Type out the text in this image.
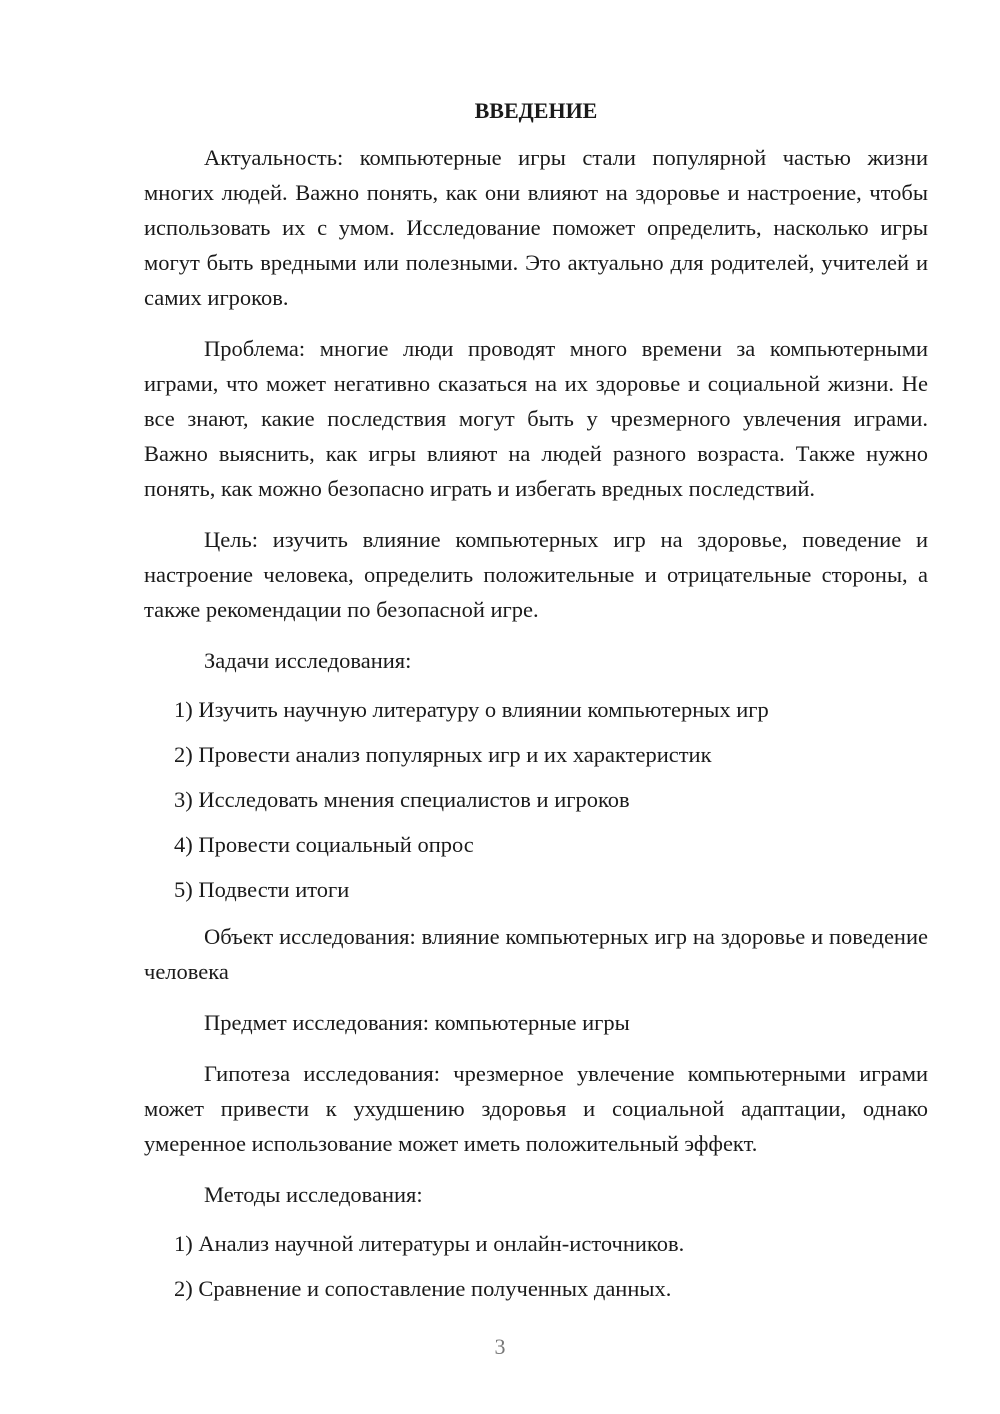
ВВЕДЕНИЕ

Актуальность: компьютерные игры стали популярной частью жизни многих людей. Важно понять, как они влияют на здоровье и настроение, чтобы использовать их с умом. Исследование поможет определить, насколько игры могут быть вредными или полезными. Это актуально для родителей, учителей и самих игроков.

Проблема: многие люди проводят много времени за компьютерными играми, что может негативно сказаться на их здоровье и социальной жизни. Не все знают, какие последствия могут быть у чрезмерного увлечения играми. Важно выяснить, как игры влияют на людей разного возраста. Также нужно понять, как можно безопасно играть и избегать вредных последствий.

Цель: изучить влияние компьютерных игр на здоровье, поведение и настроение человека, определить положительные и отрицательные стороны, а также рекомендации по безопасной игре.

Задачи исследования:

1) Изучить научную литературу о влиянии компьютерных игр
2) Провести анализ популярных игр и их характеристик
3) Исследовать мнения специалистов и игроков
4) Провести социальный опрос
5) Подвести итоги

Объект исследования: влияние компьютерных игр на здоровье и поведение человека

Предмет исследования: компьютерные игры

Гипотеза исследования: чрезмерное увлечение компьютерными играми может привести к ухудшению здоровья и социальной адаптации, однако умеренное использование может иметь положительный эффект.

Методы исследования:

1) Анализ научной литературы и онлайн-источников.
2) Сравнение и сопоставление полученных данных.
3
